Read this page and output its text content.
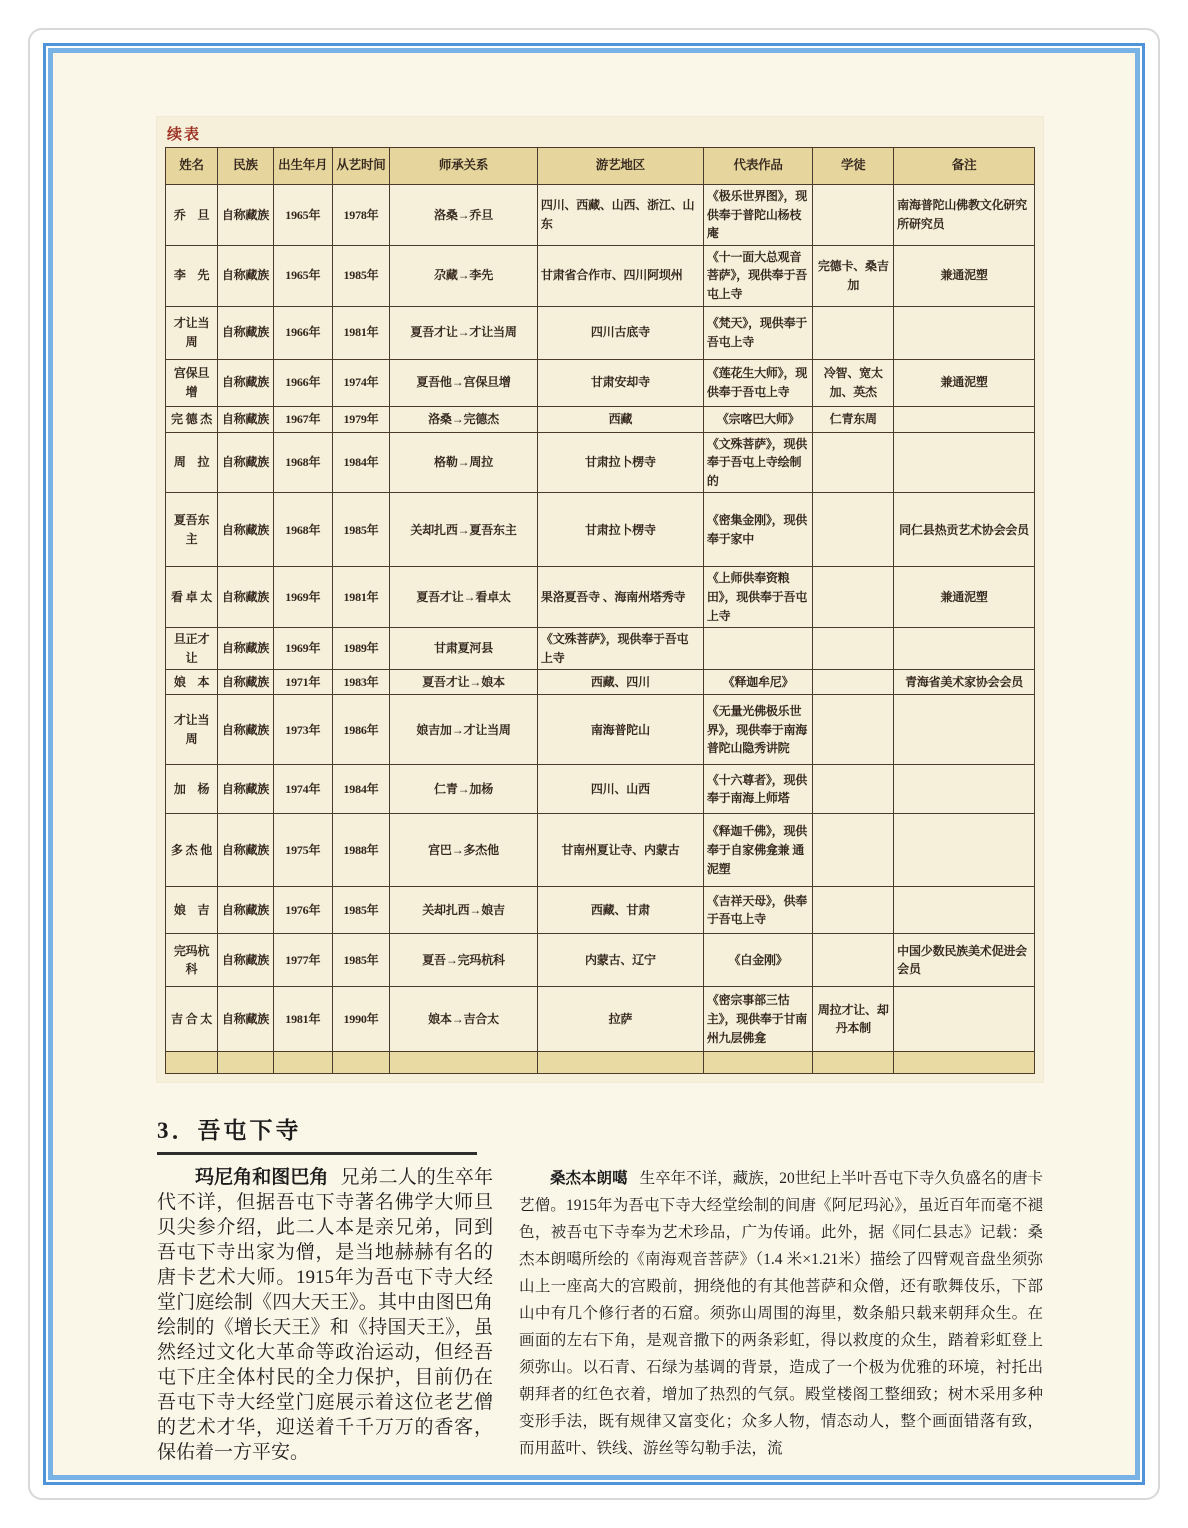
续表
姓名	民族	出生年月	从艺时间	师承关系	游艺地区	代表作品	学徒	备注
乔　旦	自称藏族	1965年	1978年	洛桑→乔旦	四川、西藏、山西、浙江、山东	《极乐世界图》，现供奉于普陀山杨枝庵		南海普陀山佛教文化研究所研究员
李　先	自称藏族	1965年	1985年	尕藏→李先	甘肃省合作市、四川阿坝州	《十一面大总观音菩萨》，现供奉于吾屯上寺	完德卡、桑吉加	兼通泥塑
才让当周	自称藏族	1966年	1981年	夏吾才让→才让当周	四川古底寺	《梵天》，现供奉于吾屯上寺		
宫保旦增	自称藏族	1966年	1974年	夏吾他→宫保旦增	甘肃安却寺	《莲花生大师》，现供奉于吾屯上寺	冷智、宽太加、英杰	兼通泥塑
完 德 杰	自称藏族	1967年	1979年	洛桑→完德杰	西藏	《宗喀巴大师》	仁青东周	
周　拉	自称藏族	1968年	1984年	格勒→周拉	甘肃拉卜楞寺	《文殊菩萨》，现供奉于吾屯上寺绘制的		
夏吾东主	自称藏族	1968年	1985年	关却扎西→夏吾东主	甘肃拉卜楞寺	《密集金刚》，现供奉于家中		同仁县热贡艺术协会会员
看 卓 太	自称藏族	1969年	1981年	夏吾才让→看卓太	果洛夏吾寺 、海南州塔秀寺	《上师供奉资粮田》，现供奉于吾屯上寺		兼通泥塑
旦正才让	自称藏族	1969年	1989年	甘肃夏河县	《文殊菩萨》，现供奉于吾屯上寺			
娘　本	自称藏族	1971年	1983年	夏吾才让→娘本	西藏、四川	《释迦牟尼》		青海省美术家协会会员
才让当周	自称藏族	1973年	1986年	娘吉加→才让当周	南海普陀山	《无量光佛极乐世界》，现供奉于南海普陀山隐秀讲院		
加　杨	自称藏族	1974年	1984年	仁青→加杨	四川、山西	《十六尊者》，现供奉于南海上师塔		
多 杰 他	自称藏族	1975年	1988年	宫巴→多杰他	甘南州夏让寺、内蒙古	《释迦千佛》，现供奉于自家佛龛兼 通 泥塑		
娘　吉	自称藏族	1976年	1985年	关却扎西→娘吉	西藏、甘肃	《吉祥天母》，供奉于吾屯上寺		
完玛杭科	自称藏族	1977年	1985年	夏吾→完玛杭科	内蒙古、辽宁	《白金刚》		中国少数民族美术促进会会员
吉 合 太	自称藏族	1981年	1990年	娘本→吉合太	拉萨	《密宗事部三怙主》，现供奉于甘南州九层佛龛	周拉才让、却丹本制	

3．吾屯下寺

玛尼角和图巴角 兄弟二人的生卒年代不详，但据吾屯下寺著名佛学大师旦贝尖参介绍，此二人本是亲兄弟，同到吾屯下寺出家为僧，是当地赫赫有名的唐卡艺术大师。1915年为吾屯下寺大经堂门庭绘制《四大天王》。其中由图巴角绘制的《增长天王》和《持国天王》，虽然经过文化大革命等政治运动，但经吾屯下庄全体村民的全力保护，目前仍在吾屯下寺大经堂门庭展示着这位老艺僧的艺术才华，迎送着千千万万的香客，保佑着一方平安。

桑杰本朗噶 生卒年不详，藏族，20世纪上半叶吾屯下寺久负盛名的唐卡艺僧。1915年为吾屯下寺大经堂绘制的间唐《阿尼玛沁》，虽近百年而毫不褪色，被吾屯下寺奉为艺术珍品，广为传诵。此外，据《同仁县志》记载：桑杰本朗噶所绘的《南海观音菩萨》（1.4 米×1.21米）描绘了四臂观音盘坐须弥山上一座高大的宫殿前，拥绕他的有其他菩萨和众僧，还有歌舞伎乐，下部山中有几个修行者的石窟。须弥山周围的海里，数条船只载来朝拜众生。在画面的左右下角，是观音撒下的两条彩虹，得以救度的众生，踏着彩虹登上须弥山。以石青、石绿为基调的背景，造成了一个极为优雅的环境，衬托出朝拜者的红色衣着，增加了热烈的气氛。殿堂楼阁工整细致；树木采用多种变形手法，既有规律又富变化；众多人物，情态动人，整个画面错落有致，而用蓝叶、铁线、游丝等勾勒手法，流
